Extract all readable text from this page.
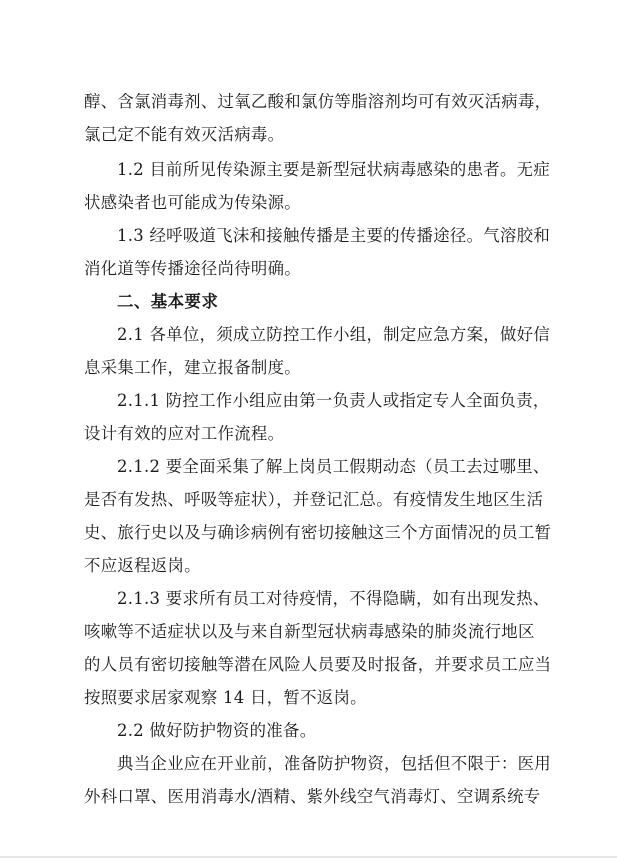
醇、含氯消毒剂、过氧乙酸和氯仿等脂溶剂均可有效灭活病毒，
氯己定不能有效灭活病毒。
1.2 目前所见传染源主要是新型冠状病毒感染的患者。无症
状感染者也可能成为传染源。
1.3 经呼吸道飞沫和接触传播是主要的传播途径。气溶胶和
消化道等传播途径尚待明确。
二、基本要求
2.1 各单位，须成立防控工作小组，制定应急方案，做好信
息采集工作，建立报备制度。
2.1.1 防控工作小组应由第一负责人或指定专人全面负责，
设计有效的应对工作流程。
2.1.2 要全面采集了解上岗员工假期动态（员工去过哪里、
是否有发热、呼吸等症状），并登记汇总。有疫情发生地区生活
史、旅行史以及与确诊病例有密切接触这三个方面情况的员工暂
不应返程返岗。
2.1.3 要求所有员工对待疫情，不得隐瞒，如有出现发热、
咳嗽等不适症状以及与来自新型冠状病毒感染的肺炎流行地区
的人员有密切接触等潜在风险人员要及时报备，并要求员工应当
按照要求居家观察 14 日，暂不返岗。
2.2 做好防护物资的准备。
典当企业应在开业前，准备防护物资，包括但不限于：医用
外科口罩、医用消毒水/酒精、紫外线空气消毒灯、空调系统专
